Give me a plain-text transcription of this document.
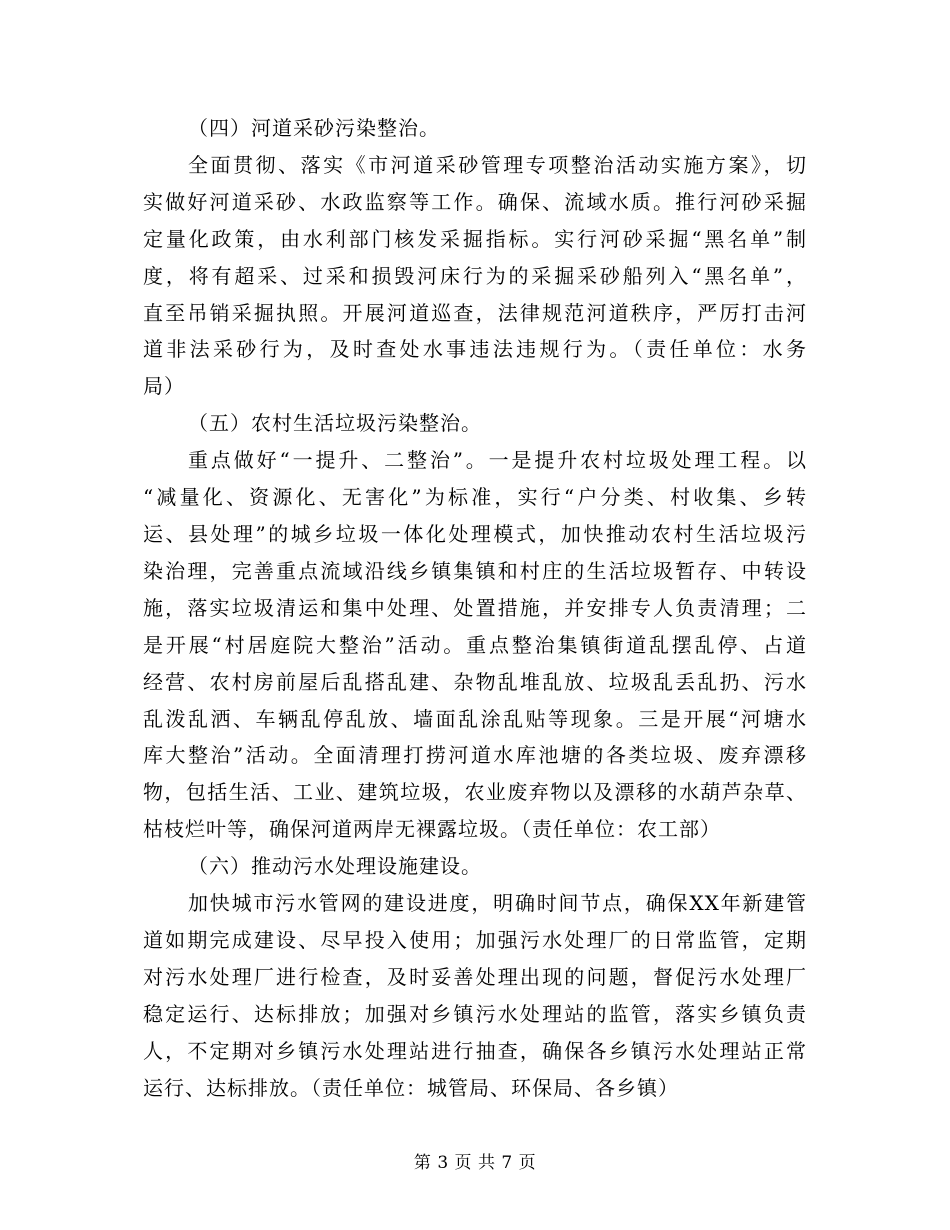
（四）河道采砂污染整治。
全面贯彻、落实《市河道采砂管理专项整治活动实施方案》，切
实做好河道采砂、水政监察等工作。确保、流域水质。推行河砂采掘
定量化政策，由水利部门核发采掘指标。实行河砂采掘“黑名单”制
度，将有超采、过采和损毁河床行为的采掘采砂船列入“黑名单”，
直至吊销采掘执照。开展河道巡查，法律规范河道秩序，严厉打击河
道非法采砂行为，及时查处水事违法违规行为。（责任单位：水务
局）
（五）农村生活垃圾污染整治。
重点做好“一提升、二整治”。一是提升农村垃圾处理工程。以
“减量化、资源化、无害化”为标准，实行“户分类、村收集、乡转
运、县处理”的城乡垃圾一体化处理模式，加快推动农村生活垃圾污
染治理，完善重点流域沿线乡镇集镇和村庄的生活垃圾暂存、中转设
施，落实垃圾清运和集中处理、处置措施，并安排专人负责清理；二
是开展“村居庭院大整治”活动。重点整治集镇街道乱摆乱停、占道
经营、农村房前屋后乱搭乱建、杂物乱堆乱放、垃圾乱丢乱扔、污水
乱泼乱洒、车辆乱停乱放、墙面乱涂乱贴等现象。三是开展“河塘水
库大整治”活动。全面清理打捞河道水库池塘的各类垃圾、废弃漂移
物，包括生活、工业、建筑垃圾，农业废弃物以及漂移的水葫芦杂草、
枯枝烂叶等，确保河道两岸无裸露垃圾。（责任单位：农工部）
（六）推动污水处理设施建设。
加快城市污水管网的建设进度，明确时间节点，确保XX年新建管
道如期完成建设、尽早投入使用；加强污水处理厂的日常监管，定期
对污水处理厂进行检查，及时妥善处理出现的问题，督促污水处理厂
稳定运行、达标排放；加强对乡镇污水处理站的监管，落实乡镇负责
人，不定期对乡镇污水处理站进行抽查，确保各乡镇污水处理站正常
运行、达标排放。（责任单位：城管局、环保局、各乡镇）
第 3 页 共 7 页
